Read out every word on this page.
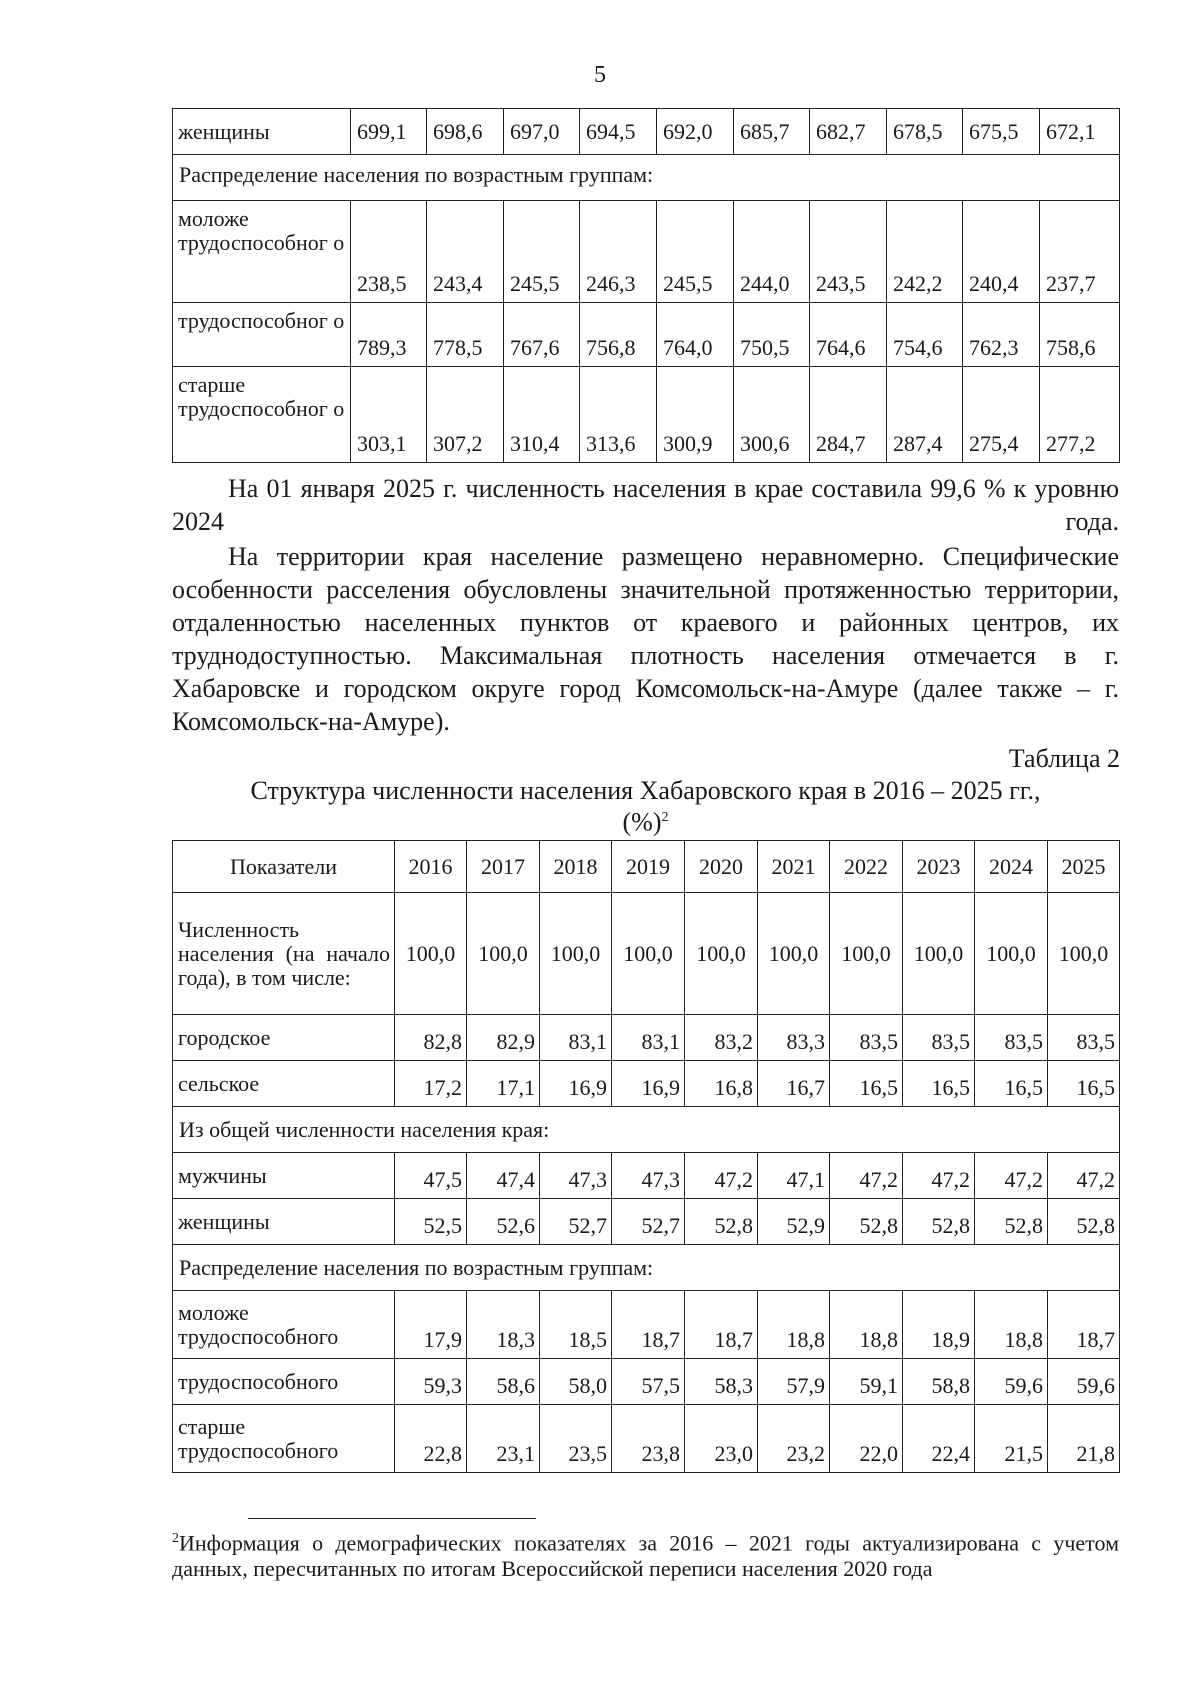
5
женщины	699,1	698,6	697,0	694,5	692,0	685,7	682,7	678,5	675,5	672,1
Распределение населения по возрастным группам:										
моложе трудоспособног о	238,5	243,4	245,5	246,3	245,5	244,0	243,5	242,2	240,4	237,7
трудоспособног о	789,3	778,5	767,6	756,8	764,0	750,5	764,6	754,6	762,3	758,6
старше трудоспособног о	303,1	307,2	310,4	313,6	300,9	300,6	284,7	287,4	275,4	277,2
На 01 января 2025 г. численность населения в крае составила 99,6 % к уровню 2024 года.
На территории края население размещено неравномерно. Специфические особенности расселения обусловлены значительной протяженностью территории, отдаленностью населенных пунктов от краевого и районных центров, их труднодоступностью. Максимальная плотность населения отмечается в г. Хабаровске и городском округе город Комсомольск-на-Амуре (далее также – г. Комсомольск-на-Амуре).
Таблица 2
Структура численности населения Хабаровского края в 2016 – 2025 гг.,
(%)$^2$
Показатели	2016	2017	2018	2019	2020	2021	2022	2023	2024	2025
Численность населения (на начало года), в том числе:	100,0	100,0	100,0	100,0	100,0	100,0	100,0	100,0	100,0	100,0
городское	82,8	82,9	83,1	83,1	83,2	83,3	83,5	83,5	83,5	83,5
сельское	17,2	17,1	16,9	16,9	16,8	16,7	16,5	16,5	16,5	16,5
Из общей численности населения края:										
мужчины	47,5	47,4	47,3	47,3	47,2	47,1	47,2	47,2	47,2	47,2
женщины	52,5	52,6	52,7	52,7	52,8	52,9	52,8	52,8	52,8	52,8
Распределение населения по возрастным группам:										
моложе трудоспособного	17,9	18,3	18,5	18,7	18,7	18,8	18,8	18,9	18,8	18,7
трудоспособного	59,3	58,6	58,0	57,5	58,3	57,9	59,1	58,8	59,6	59,6
старше трудоспособного	22,8	23,1	23,5	23,8	23,0	23,2	22,0	22,4	21,5	21,8
$^2$Информация о демографических показателях за 2016 – 2021 годы актуализирована с учетом данных, пересчитанных по итогам Всероссийской переписи населения 2020 года
